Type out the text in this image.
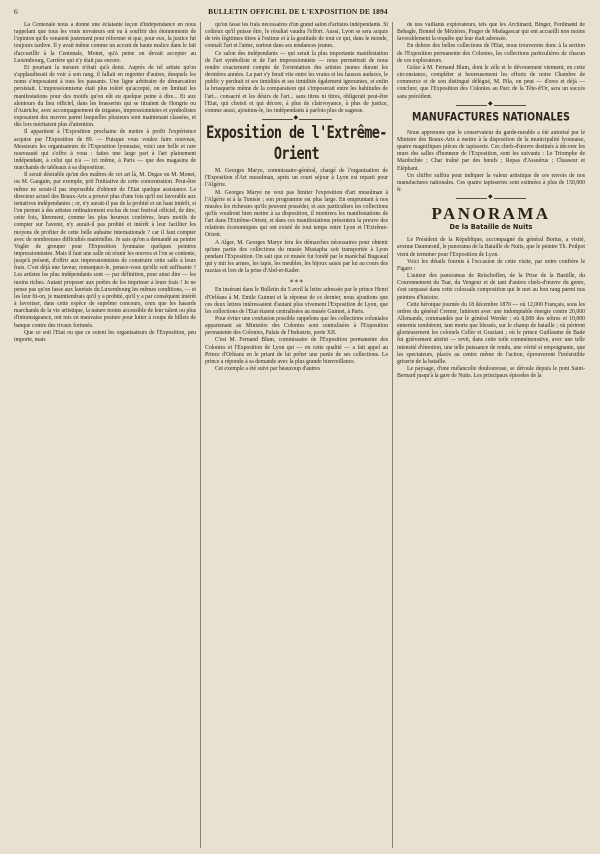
6	BULLETIN OFFICIEL DE L'EXPOSITION DE 1894

La Centenale nous a donné une éclatante leçon d'indépendance en nous rappelant que tous les vrais novateurs ont eu à souffrir des étonnements de l'opinion qu'ils venaient justement pour réformer et que, pour eux, la justice fut toujours tardive. Il y avait même comme un accent de haute malice dans le fait d'accueillir à la Centenale, Monet, qu'à peine on devait accepter au Luxembourg, Carrière qui n'y était pas encore.

Et pourtant la mesure n'était qu'à demi. Auprès de tel artiste qu'on s'applaudissait de voir à son rang, il fallait en regretter d'autres, desquels les noms s'imposaient à tous les passants. Une ligne arbitraire de démarcation persistait. L'impressionnisme était plus toléré qu'accepté, on en limitait les manifestations pour des motifs qu'on eût eu quelque peine à dire... Et aux alentours du lieu officiel, dans les brasseries qui se titraient de Hongrie ou d'Autriche, avec accompagnement de tziganes, impressionnistes et symbolistes exposaient des œuvres parmi lesquelles plusieurs sont maintenant classées, et dès lors méritaient plus d'attention.

Il appartient à l'Exposition prochaine de mettre à profit l'expérience acquise par l'Exposition de 89. — Puisque vous voulez faire nouveau, Messieurs les organisateurs de l'Exposition lyonnaise, voici une belle et rare nouveauté qui s'offre à vous : faites une large part à l'art plainement indépendant, à celui qui n'a — ici même, à Paris — que des magasins de marchands de tableaux à sa disposition.

Il serait désirable qu'un des maîtres de cet art là, M. Degas ou M. Monet, ou M. Gauguin, par exemple, prit l'initiative de cette concentration. Peut-être même ne serait-il pas impossible d'obtenir de l'Etat quelque assistance. Le directeur actuel des Beaux-Arts a prouvé plus d'une fois qu'il est favorable aux tentatives indépendantes ; or, n'y aurait-il pas de la probité et un haut intérêt, si l'on permet à des artistes ordinairement exclus de tout festival officiel, de dire, cette fois, librement, comme les plus heureux confrères, leurs motifs de compter sur l'avenir, n'y aurait-il pas probité et intérêt à leur faciliter les moyens de profiter de cette belle aubaine internationale ? car il faut compter avec de nombreuses difficultés matérielles. Je sais qu'on a demandé au peintre Vogler de grouper pour l'Exposition lyonnaise quelques peintres impressionnistes. Mais il faut une salle où réunir les œuvres et l'on se contente, jusqu'à présent, d'offrir aux impressionnistes de construire cette salle à leurs frais. C'est déjà une faveur, remarquez-le, pensez-vous qu'elle soit suffisante ? Les artistes les plus indépendants sont — par définition, pour ainsi dire — les moins riches. Autant proposer aux poètes de les imprimer à leurs frais ! Je ne pense pas qu'on fasse aux lauréats du Luxembourg les mêmes conditions, — et les leur fit-on, je maintiendrais qu'il y a probité, qu'il y a par conséquent intérêt à favoriser, dans cette espèce de suprême concours, ceux que les hasards marchands de la vie artistique, la nature moins accessible de leur talent ou plus d'intransigeance, ont mis en mauvaise posture pour lutter à coups de billets de banque contre des rivaux fortunés.

Que ce soit l'Etat ou que ce soient les organisateurs de l'Exposition, peu importe, mais

qu'on fasse les frais nécessaires d'un grand salon d'artistes indépendants. Si coûteux qu'il puisse être, le résultat vaudra l'effort. Aussi, Lyon se sera acquis de très légitimes titres à l'estime et à la gratitude de tout ce qui, dans le monde, connaît l'art et l'aime, surtout dans ses tendances jeunes.

Ce salon des indépendants — qui serait la plus importante manifestation de l'art symboliste et de l'art impressionniste — nous permettrait de nous rendre exactement compte de l'orientation des artistes jeunes durant les dernières années. La part s'y ferait vite entre les vraies et les fausses audaces, le public y perdrait et ses timidités et ses timidités également ignorantes, et enfin la brusquerie même de la comparaison qui s'imposerait entre les habitudes de l'art... consacré et les désirs de l'art... sans titres ni titres, obligerait peut-être l'Etat, qui choisit et qui décore, à plus de clairvoyance, à plus de justice, comme aussi, ajoutons-le, les indépendants à parfois plus de sagesse.

◆
Exposition de l'Extrême-Orient

M. Georges Marye, commissaire-général, chargé de l'organisation de l'Exposition d'Art musulman, après un court séjour à Lyon est reparti pour l'Algérie.

M. Georges Marye ne veut pas limiter l'exposition d'art musulman à l'Algérie et à la Tunisie ; son programme est plus large. En empruntant à nos musées les richesses qu'ils peuvent posséder, et aux particuliers les collections qu'ils voudront bien mettre à sa disposition, il montrera les manifestations de l'art dans l'Extrême-Orient, et dans ces manifestations présentera la preuve des relations économiques qui ont existé de tout temps entre Lyon et l'Extrême-Orient.

A Alger, M. Georges Marye fera les démarches nécessaires pour obtenir qu'une partie des collections du musée Mustapha soit transportée à Lyon pendant l'Exposition. On sait que ce musée fut fondé par le maréchal Bugeaud qui y mit les armes, les tapis, les meubles, les bijoux saisis par lui au cours des razzias et lors de la prise d'Abd-et-Kader.

∗∗∗

En insérant dans le Bulletin du 5 avril la lettre adressée par le prince Henri d'Orléans à M. Emile Guimet et la réponse de ce dernier, nous ajoutions que ces deux lettres intéressaient d'autant plus vivement l'Exposition de Lyon, que les collections de l'Etat étaient centralisées au musée Guimet, à Paris.

Pour éviter une confusion possible rappelons que les collections coloniales appartenant au Ministère des Colonies sont centralisées à l'Exposition permanente des Colonies, Palais de l'Industrie, porte XII.

C'est M. Fernand Blum, commissaire de l'Exposition permanente des Colonies et l'Exposition de Lyon qui — en cette qualité — a fait appel au Prince d'Orléans en le priant de lui prêter une partie de ses collections. Le prince a répondu à sa demande avec la plus grande bienveillance.

Cet exemple a été suivi par beaucoup d'autres

de nos vaillants explorateurs, tels que les Archinard, Binger, Ferdinand de Behagle, Bonnel de Mézières, Prager de Madagascar qui ont accueilli non moins favorablement la requête qui leur était adressée.

En dehors des belles collections de l'Etat, nous trouverons donc à la section de l'Exposition permanente des Colonies, les collections particulières de chacun de ces explorateurs.

Grâce à M. Fernand Blum, dont le zèle et le dévouement viennent, en cette circonstance, compléter si heureusement les efforts de notre Chambre de commerce et de son distingué délégué, M. Pila, on peut — d'ores et déjà — conclure, que l'Exposition des Colonies au Parc de la Tête-d'Or, sera un succès sans précédent.

◆
MANUFACTURES NATIONALES

Nous apprenons que le conservateur du garde-meuble a été autorisé par le Ministre des Beaux-Arts à mettre à la disposition de la municipalité lyonnaise, quatre magnifiques pièces de tapisserie. Ces chefs-d'œuvre destinés à décorer les murs des salles d'honneur de l'Exposition, sont les suivants : Le Triomphe de Mardochée ; Char traîné par des bœufs ; Repas d'Assuérus ; Chasseur et Eléphant.

Un chiffre suffira pour indiquer la valeur artistique de ces envois de nos manufactures nationales. Ces quatre tapisseries sont estimées à plus de 150,000 fr.

◆
PANORAMA
De la Bataille de Nuits

Le Président de la République, accompagné du général Borius, a visité, avenue Daumesnil, le panorama de la Bataille de Nuits, que le peintre Th. Poilpot vient de terminer pour l'Exposition de Lyon.

Voici les détails fournis à l'occasion de cette visite, par notre confrère le Figaro :

L'auteur des panoramas de Reischoffen, de la Prise de la Bastille, du Couronnement du Tsar, du Vengeur et de tant d'autres chefs-d'œuvre du genre, s'est surpassé dans cette colossale composition qui le met au bon rang parmi nos peintres d'histoire.

Cette héroïque journée du 18 décembre 1870 — où 12,000 Français, sous les ordres du général Cremer, luttèrent avec une indomptable énergie contre 20,000 Allemands, commandés par le général Werder ; où 8,000 des nôtres et 10,000 ennemis tombèrent, tant morts que blessés, sur le champ de bataille ; où périrent glorieusement les colonels Celler et Graziani ; où le prince Guillaume de Bade fut grièvement atteint — revit, dans cette toile commémorative, avec une telle intensité d'émotion, une telle puissance de rendu, une vérité si empoignante, que les spectateurs, placés au centre même de l'action, éprouveront l'irrésistible griserie de la bataille.

Le paysage, d'une mélancolie douloureuse, se déroule depuis le pont Saint-Bernard jusqu'à la gare de Nuits. Les principaux épisodes de la
